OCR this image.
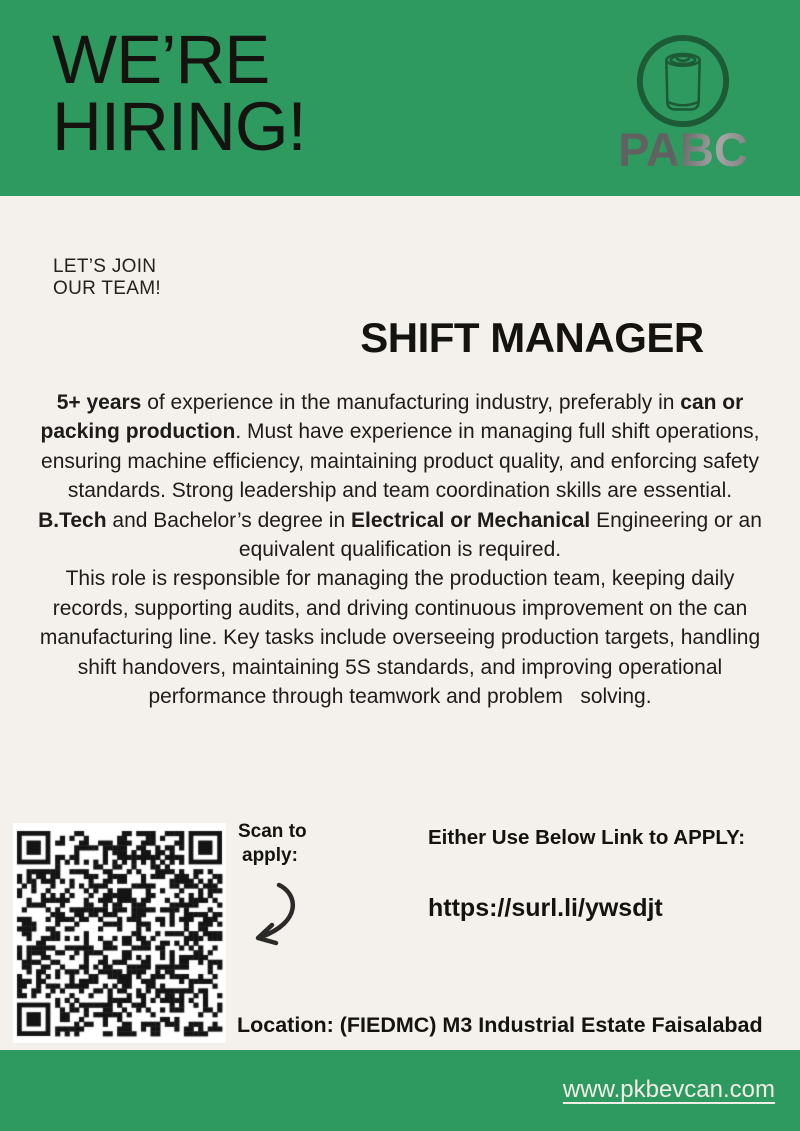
WE’RE
HIRING!	PABC
LET’S JOIN
OUR TEAM!
SHIFT MANAGER

5+ years of experience in the manufacturing industry, preferably in can or packing production. Must have experience in managing full shift operations, ensuring machine efficiency, maintaining product quality, and enforcing safety standards. Strong leadership and team coordination skills are essential.

B.Tech and Bachelor’s degree in Electrical or Mechanical Engineering or an equivalent qualification is required.

This role is responsible for managing the production team, keeping daily records, supporting audits, and driving continuous improvement on the can manufacturing line. Key tasks include overseeing production targets, handling shift handovers, maintaining 5S standards, and improving operational performance through teamwork and problem   solving.

Scan to
apply:
Either Use Below Link to APPLY:
https://surl.li/ywsdjt
Location: (FIEDMC) M3 Industrial Estate Faisalabad
www.pkbevcan.com
